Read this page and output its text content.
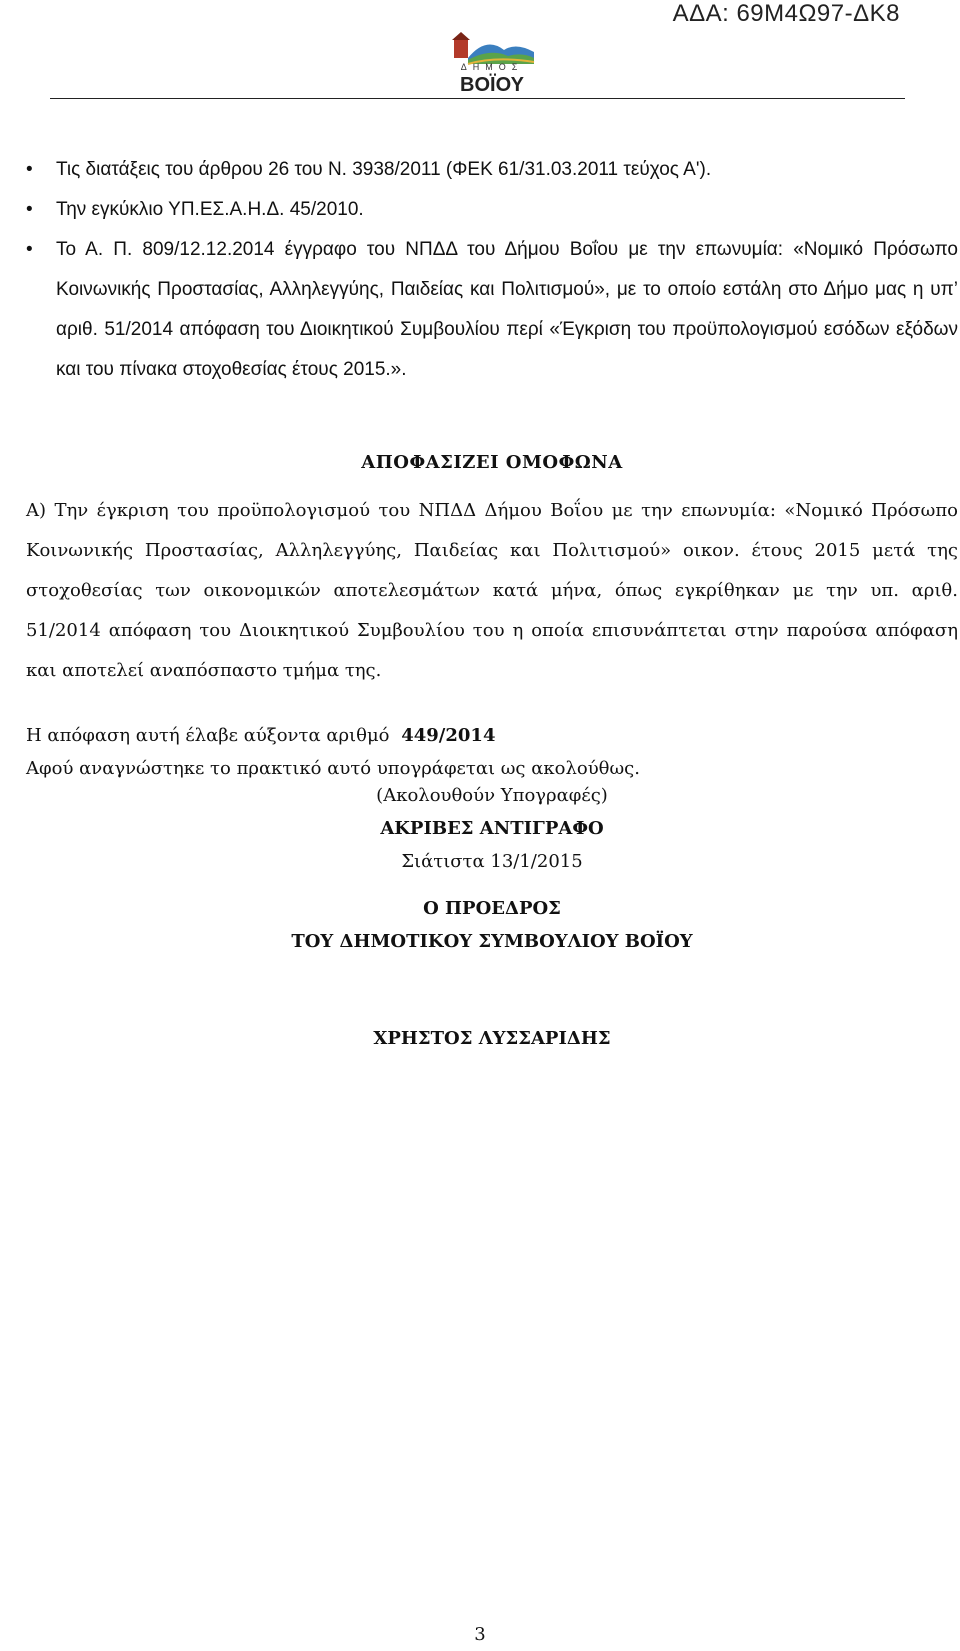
ΑΔΑ: 69Μ4Ω97-ΔΚ8
ΔΗΜΟΣ
ΒΟΪΟΥ

• Τις διατάξεις του άρθρου 26 του Ν. 3938/2011 (ΦΕΚ 61/31.03.2011 τεύχος Α').

• Την εγκύκλιο ΥΠ.ΕΣ.Α.Η.Δ. 45/2010.

• Το Α. Π. 809/12.12.2014 έγγραφο του ΝΠΔΔ του Δήμου Βοΐου με την επωνυμία: «Νομικό Πρόσωπο Κοινωνικής Προστασίας, Αλληλεγγύης, Παιδείας και Πολιτισμού», με το οποίο εστάλη στο Δήμο μας η υπ’ αριθ. 51/2014 απόφαση του Διοικητικού Συμβουλίου περί «Έγκριση του προϋπολογισμού εσόδων εξόδων και του πίνακα στοχοθεσίας έτους 2015.».

ΑΠΟΦΑΣΙΖΕΙ ΟΜΟΦΩΝΑ

Α) Την έγκριση του προϋπολογισμού του ΝΠΔΔ Δήμου Βοΐου με την επωνυμία: «Νομικό Πρόσωπο Κοινωνικής Προστασίας, Αλληλεγγύης, Παιδείας και Πολιτισμού» οικον. έτους 2015 μετά της στοχοθεσίας των οικονομικών αποτελεσμάτων κατά μήνα, όπως εγκρίθηκαν με την υπ. αριθ. 51/2014 απόφαση του Διοικητικού Συμβουλίου του η οποία επισυνάπτεται στην παρούσα απόφαση και αποτελεί αναπόσπαστο τμήμα της.

Η απόφαση αυτή έλαβε αύξοντα αριθμό 449/2014
Αφού αναγνώστηκε το πρακτικό αυτό υπογράφεται ως ακολούθως.
(Ακολουθούν Υπογραφές)
ΑΚΡΙΒΕΣ ΑΝΤΙΓΡΑΦΟ
Σιάτιστα 13/1/2015
Ο ΠΡΟΕΔΡΟΣ
ΤΟΥ ΔΗΜΟΤΙΚΟΥ ΣΥΜΒΟΥΛΙΟΥ ΒΟΪΟΥ
ΧΡΗΣΤΟΣ ΛΥΣΣΑΡΙΔΗΣ
3
